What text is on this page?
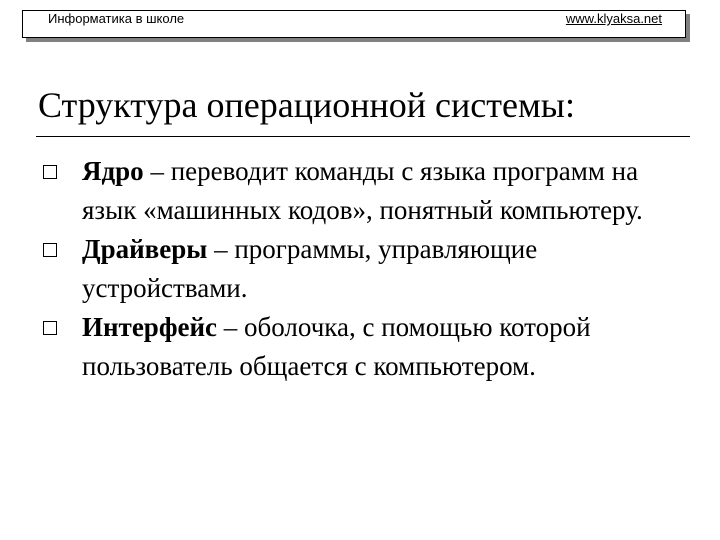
Информатика в школе	www.klyaksa.net
Структура операционной системы:
Ядро – переводит команды с языка программ на язык «машинных кодов», понятный компьютеру.
Драйверы – программы, управляющие устройствами.
Интерфейс – оболочка, с помощью которой пользователь общается с компьютером.
